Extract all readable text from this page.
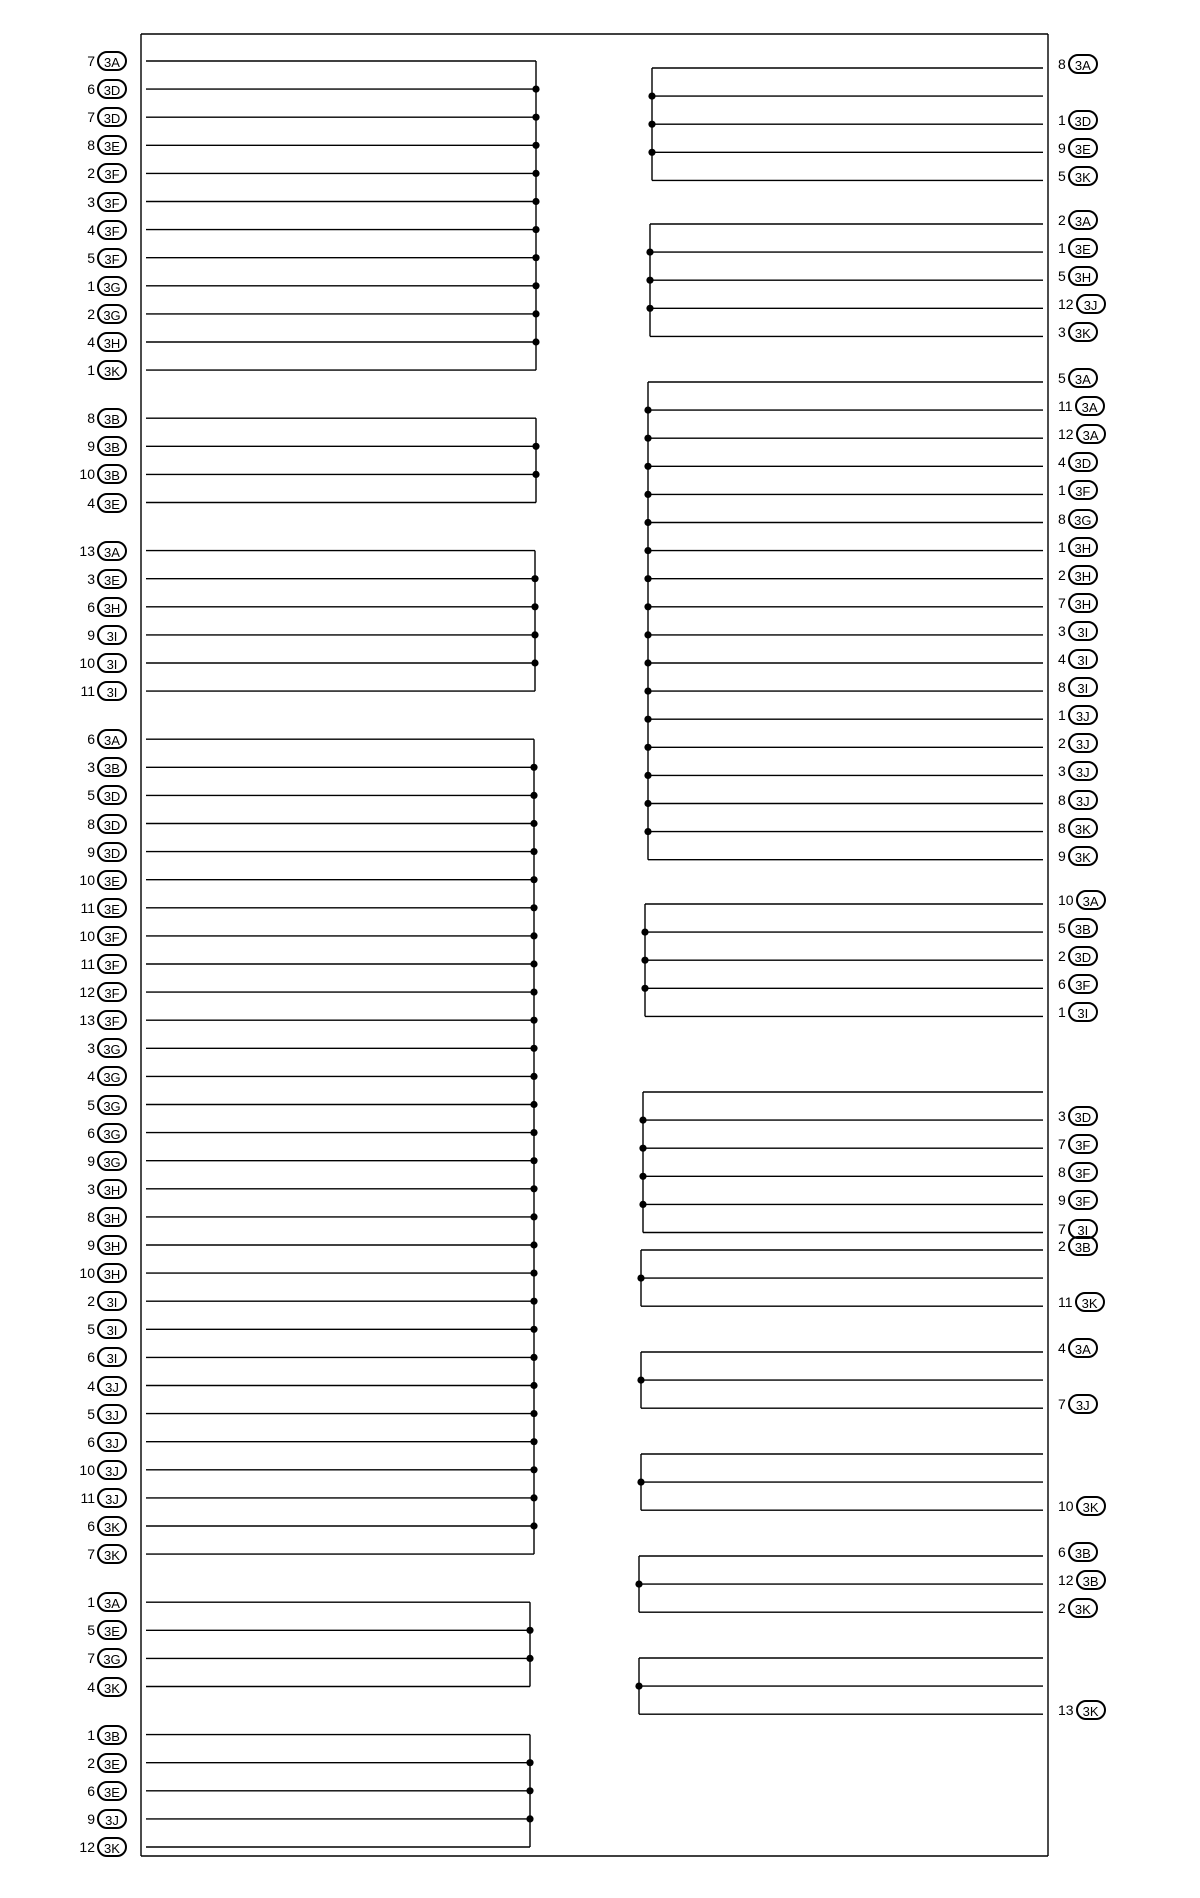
7 3A
6 3D
7 3D
8 3E
2 3F
3 3F
4 3F
5 3F
1 3G
2 3G
4 3H
1 3K
8 3B
9 3B
10 3B
4 3E
13 3A
3 3E
6 3H
9 3I
10 3I
11 3I
6 3A
3 3B
5 3D
8 3D
9 3D
10 3E
11 3E
10 3F
11 3F
12 3F
13 3F
3 3G
4 3G
5 3G
6 3G
9 3G
3 3H
8 3H
9 3H
10 3H
2 3I
5 3I
6 3I
4 3J
5 3J
6 3J
10 3J
11 3J
6 3K
7 3K
1 3A
5 3E
7 3G
4 3K
1 3B
2 3E
6 3E
9 3J
12 3K
8 3A
1 3D
9 3E
5 3K
2 3A
1 3E
5 3H
12 3J
3 3K
5 3A
11 3A
12 3A
4 3D
1 3F
8 3G
1 3H
2 3H
7 3H
3 3I
4 3I
8 3I
1 3J
2 3J
3 3J
8 3J
8 3K
9 3K
10 3A
5 3B
2 3D
6 3F
1 3I
3 3D
7 3F
8 3F
9 3F
7 3I
2 3B
11 3K
4 3A
7 3J
10 3K
6 3B
12 3B
2 3K
13 3K
